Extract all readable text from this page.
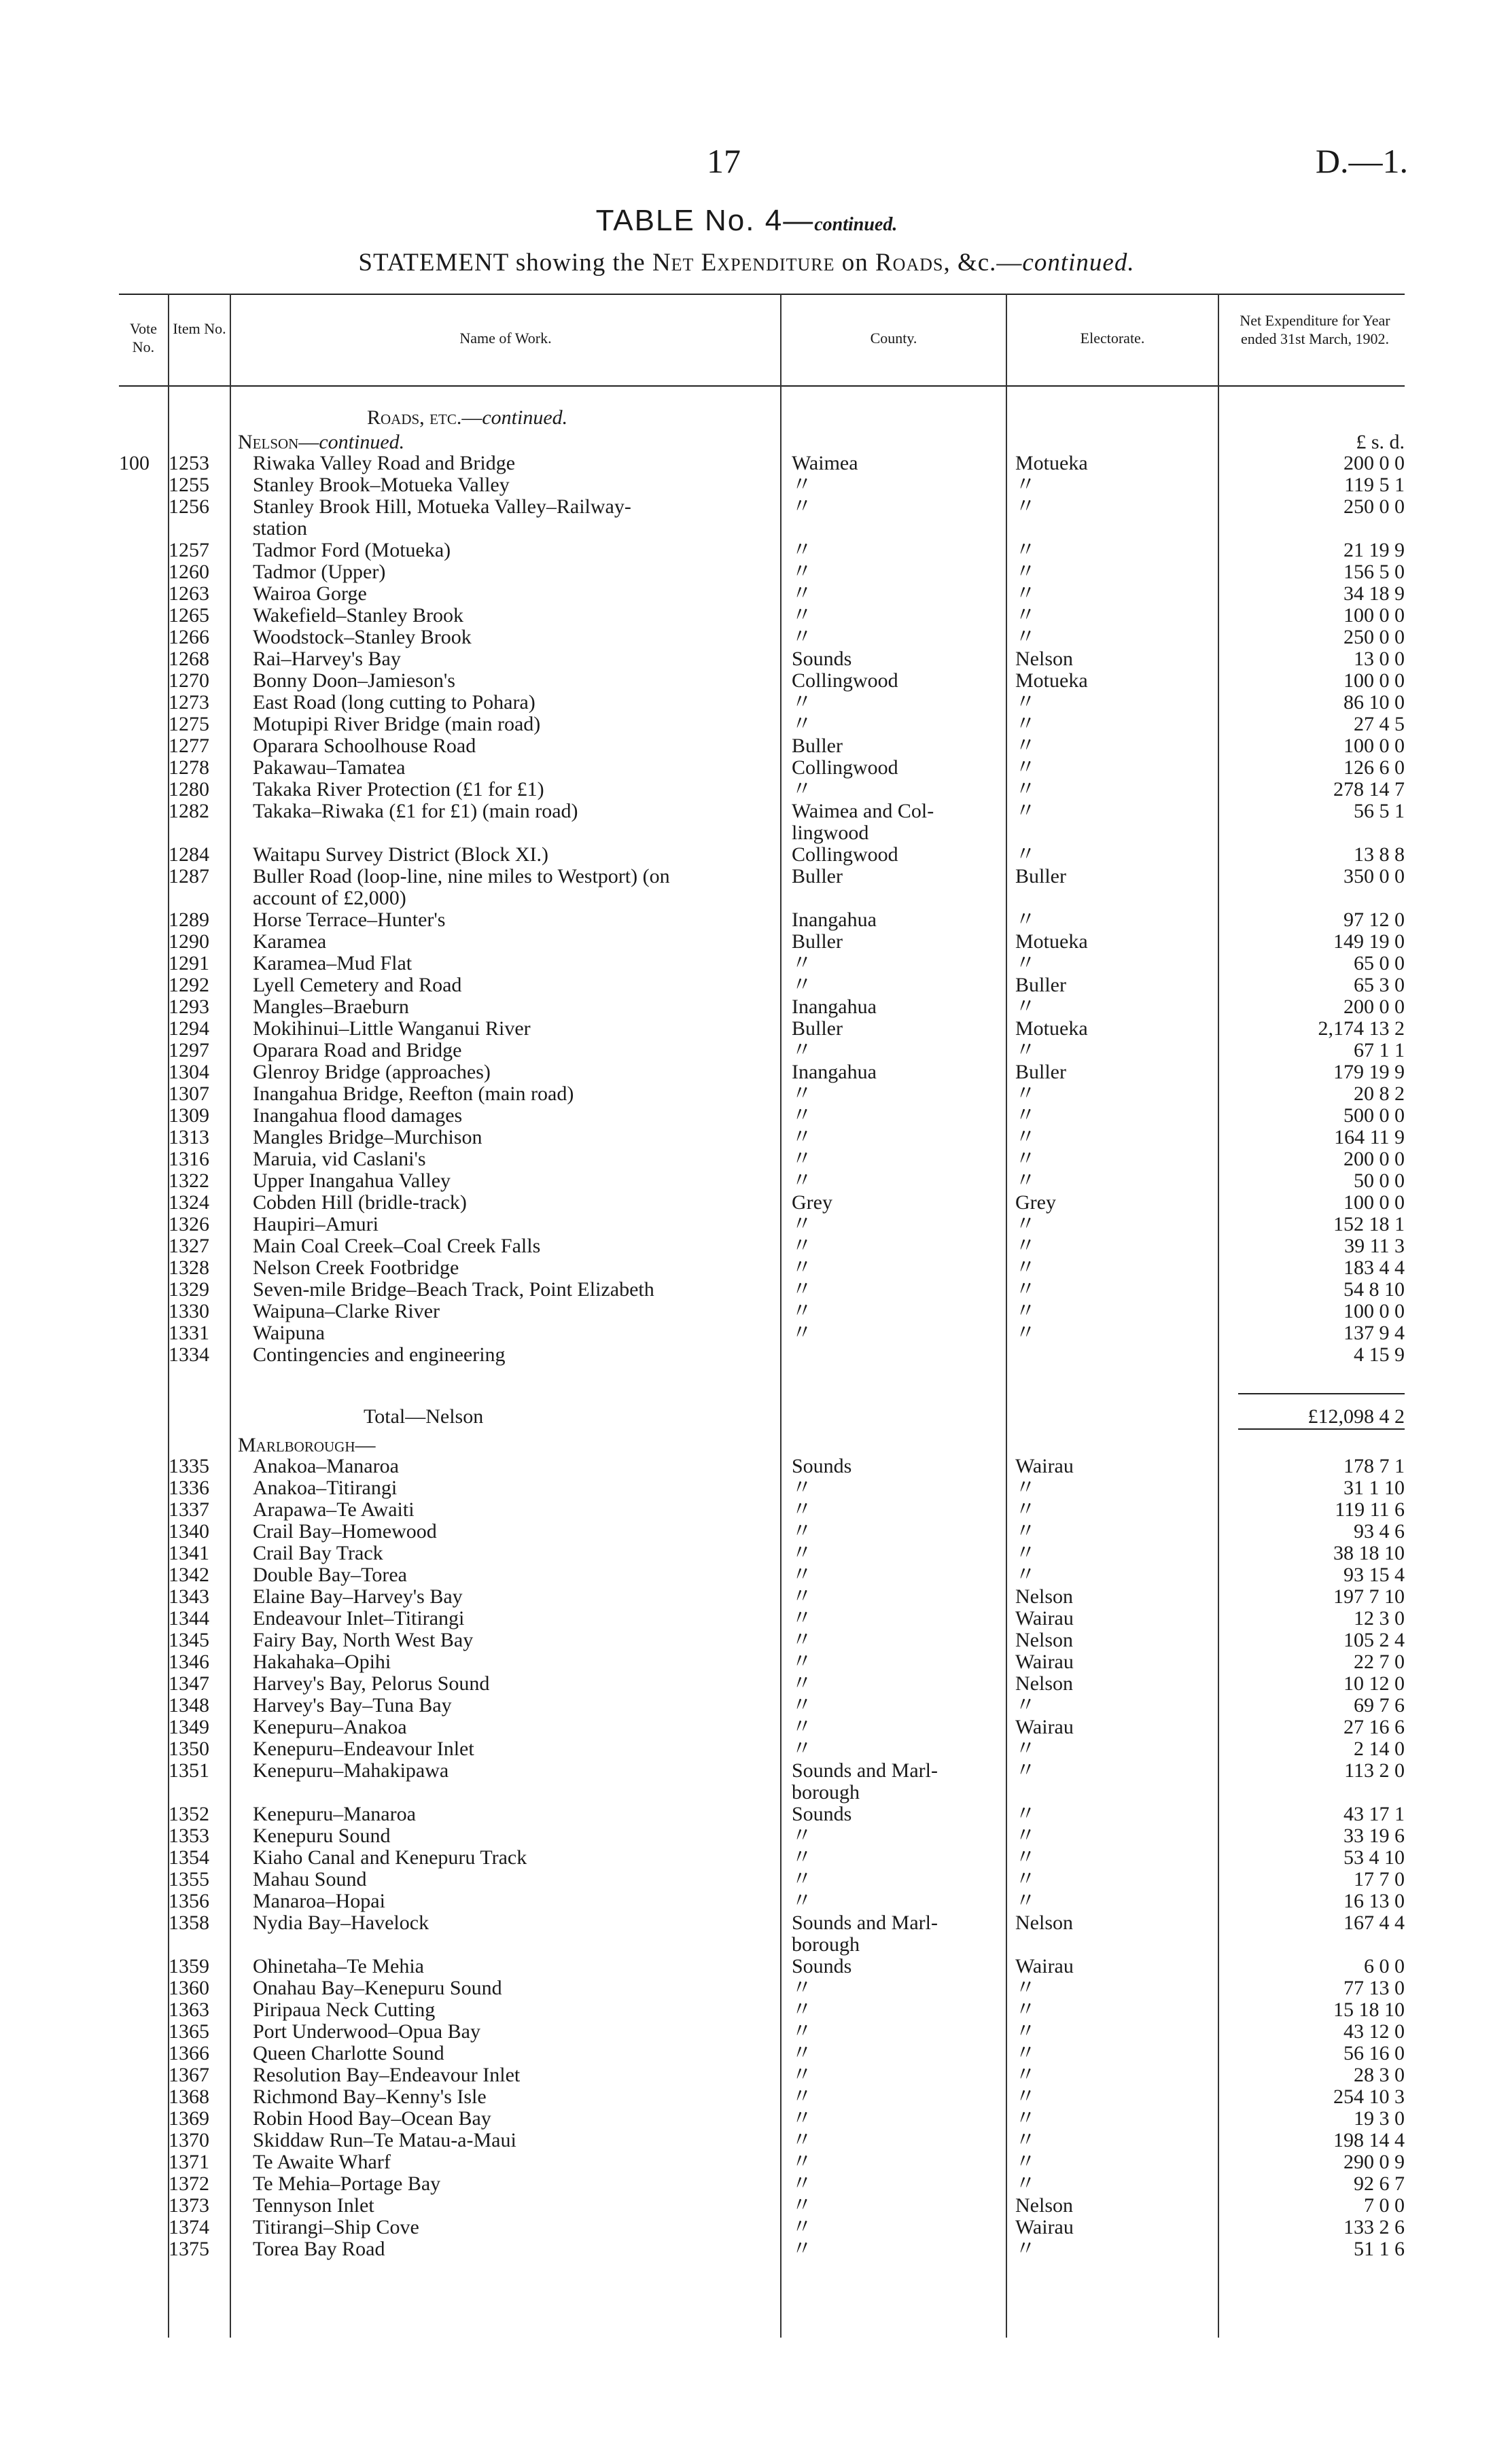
17	D.—1.
TABLE No. 4—continued.
STATEMENT showing the Net Expenditure on Roads, &c.—continued.
Vote No.
Item No.
Name of Work.	County.	Electorate.
Net Expenditure for Year ended 31st March, 1902.
Roads, etc.—continued.
Nelson—continued.	£ s. d.
100 1253 Riwaka Valley Road and Bridge	Waimea	Motueka	200 0 0
1255 Stanley Brook–Motueka Valley	〃	〃	119 5 1
1256 Stanley Brook Hill, Motueka Valley–Railway-	〃	〃	250 0 0
station
1257 Tadmor Ford (Motueka)	〃	〃	21 19 9
1260 Tadmor (Upper)	〃	〃	156 5 0
1263 Wairoa Gorge	〃	〃	34 18 9
1265 Wakefield–Stanley Brook	〃	〃	100 0 0
1266 Woodstock–Stanley Brook	〃	〃	250 0 0
1268 Rai–Harvey's Bay	Sounds	Nelson	13 0 0
1270 Bonny Doon–Jamieson's	Collingwood	Motueka	100 0 0
1273 East Road (long cutting to Pohara)	〃	〃	86 10 0
1275 Motupipi River Bridge (main road)	〃	〃	27 4 5
1277 Oparara Schoolhouse Road	Buller	〃	100 0 0
1278 Pakawau–Tamatea	Collingwood	〃	126 6 0
1280 Takaka River Protection (£1 for £1)	〃	〃	278 14 7
1282 Takaka–Riwaka (£1 for £1) (main road)	Waimea and Col-	〃	56 5 1
lingwood
1284 Waitapu Survey District (Block XI.)	Collingwood	〃	13 8 8
1287 Buller Road (loop-line, nine miles to Westport) (on	Buller	Buller	350 0 0
account of £2,000)
1289 Horse Terrace–Hunter's	Inangahua	〃	97 12 0
1290 Karamea	Buller	Motueka	149 19 0
1291 Karamea–Mud Flat	〃	〃	65 0 0
1292 Lyell Cemetery and Road	〃	Buller	65 3 0
1293 Mangles–Braeburn	Inangahua	〃	200 0 0
1294 Mokihinui–Little Wanganui River	Buller	Motueka	2,174 13 2
1297 Oparara Road and Bridge	〃	〃	67 1 1
1304 Glenroy Bridge (approaches)	Inangahua	Buller	179 19 9
1307 Inangahua Bridge, Reefton (main road)	〃	〃	20 8 2
1309 Inangahua flood damages	〃	〃	500 0 0
1313 Mangles Bridge–Murchison	〃	〃	164 11 9
1316 Maruia, vid Caslani's	〃	〃	200 0 0
1322 Upper Inangahua Valley	〃	〃	50 0 0
1324 Cobden Hill (bridle-track)	Grey	Grey	100 0 0
1326 Haupiri–Amuri	〃	〃	152 18 1
1327 Main Coal Creek–Coal Creek Falls	〃	〃	39 11 3
1328 Nelson Creek Footbridge	〃	〃	183 4 4
1329 Seven-mile Bridge–Beach Track, Point Elizabeth	〃	〃	54 8 10
1330 Waipuna–Clarke River	〃	〃	100 0 0
1331 Waipuna	〃	〃	137 9 4
1334 Contingencies and engineering	4 15 9
Total—Nelson	£12,098 4 2
Marlborough—
1335 Anakoa–Manaroa	Sounds	Wairau	178 7 1
1336 Anakoa–Titirangi	〃	〃	31 1 10
1337 Arapawa–Te Awaiti	〃	〃	119 11 6
1340 Crail Bay–Homewood	〃	〃	93 4 6
1341 Crail Bay Track	〃	〃	38 18 10
1342 Double Bay–Torea	〃	〃	93 15 4
1343 Elaine Bay–Harvey's Bay	〃	Nelson	197 7 10
1344 Endeavour Inlet–Titirangi	〃	Wairau	12 3 0
1345 Fairy Bay, North West Bay	〃	Nelson	105 2 4
1346 Hakahaka–Opihi	〃	Wairau	22 7 0
1347 Harvey's Bay, Pelorus Sound	〃	Nelson	10 12 0
1348 Harvey's Bay–Tuna Bay	〃	〃	69 7 6
1349 Kenepuru–Anakoa	〃	Wairau	27 16 6
1350 Kenepuru–Endeavour Inlet	〃	〃	2 14 0
1351 Kenepuru–Mahakipawa	Sounds and Marl-	〃	113 2 0
borough
1352 Kenepuru–Manaroa	Sounds	〃	43 17 1
1353 Kenepuru Sound	〃	〃	33 19 6
1354 Kiaho Canal and Kenepuru Track	〃	〃	53 4 10
1355 Mahau Sound	〃	〃	17 7 0
1356 Manaroa–Hopai	〃	〃	16 13 0
1358 Nydia Bay–Havelock	Sounds and Marl-	Nelson	167 4 4
borough
1359 Ohinetaha–Te Mehia	Sounds	Wairau	6 0 0
1360 Onahau Bay–Kenepuru Sound	〃	〃	77 13 0
1363 Piripaua Neck Cutting	〃	〃	15 18 10
1365 Port Underwood–Opua Bay	〃	〃	43 12 0
1366 Queen Charlotte Sound	〃	〃	56 16 0
1367 Resolution Bay–Endeavour Inlet	〃	〃	28 3 0
1368 Richmond Bay–Kenny's Isle	〃	〃	254 10 3
1369 Robin Hood Bay–Ocean Bay	〃	〃	19 3 0
1370 Skiddaw Run–Te Matau-a-Maui	〃	〃	198 14 4
1371 Te Awaite Wharf	〃	〃	290 0 9
1372 Te Mehia–Portage Bay	〃	〃	92 6 7
1373 Tennyson Inlet	〃	Nelson	7 0 0
1374 Titirangi–Ship Cove	〃	Wairau	133 2 6
1375 Torea Bay Road	〃	〃	51 1 6
